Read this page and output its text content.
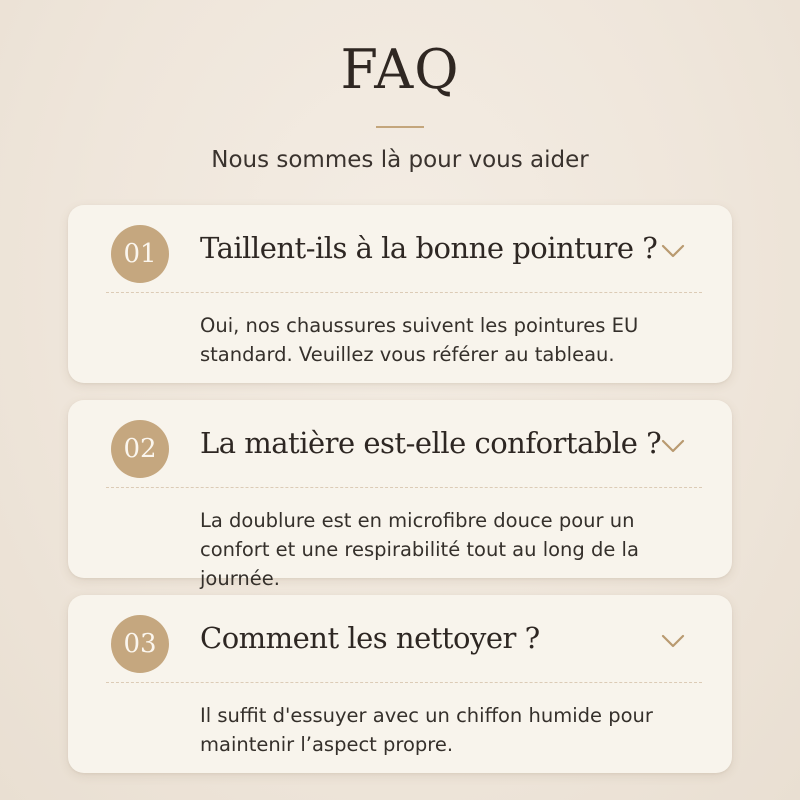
FAQ

Nous sommes là pour vous aider

01	Taillent-ils à la bonne pointure ?
Oui, nos chaussures suivent les pointures EU standard. Veuillez vous référer au tableau.
02	La matière est-elle confortable ?
La doublure est en microfibre douce pour un confort et une respirabilité tout au long de la journée.
03	Comment les nettoyer ?
Il suffit d'essuyer avec un chiffon humide pour maintenir l’aspect propre.
